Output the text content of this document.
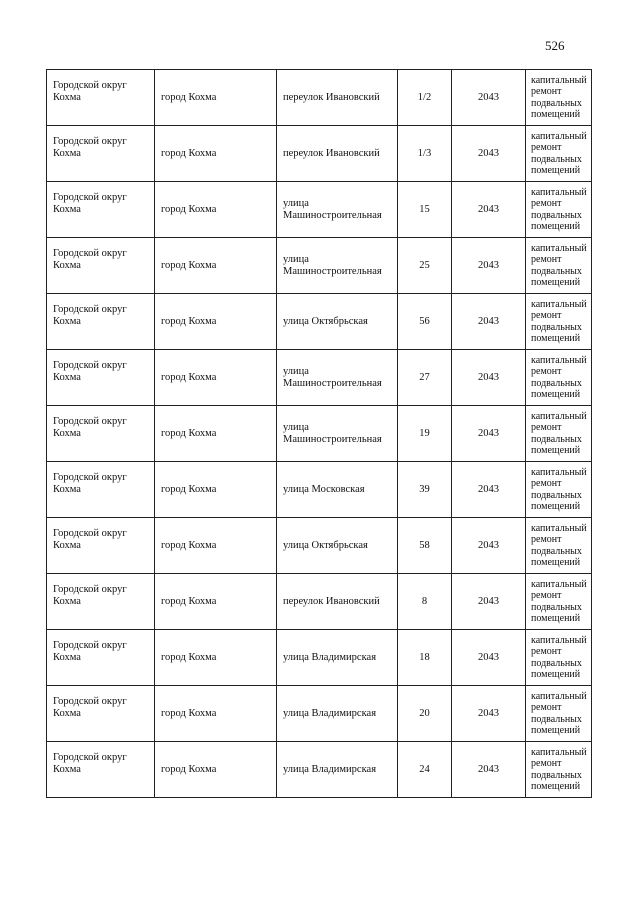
526
Городской округ Кохма	город Кохма	переулок Ивановский	1/2	2043	капитальный ремонт подвальных помещений

Городской округ Кохма	город Кохма	переулок Ивановский	1/3	2043	капитальный ремонт подвальных помещений

Городской округ Кохма	город Кохма	улица Машиностроительная	15	2043	капитальный ремонт подвальных помещений

Городской округ Кохма	город Кохма	улица Машиностроительная	25	2043	капитальный ремонт подвальных помещений

Городской округ Кохма	город Кохма	улица Октябрьская	56	2043	капитальный ремонт подвальных помещений

Городской округ Кохма	город Кохма	улица Машиностроительная	27	2043	капитальный ремонт подвальных помещений

Городской округ Кохма	город Кохма	улица Машиностроительная	19	2043	капитальный ремонт подвальных помещений

Городской округ Кохма	город Кохма	улица Московская	39	2043	капитальный ремонт подвальных помещений

Городской округ Кохма	город Кохма	улица Октябрьская	58	2043	капитальный ремонт подвальных помещений

Городской округ Кохма	город Кохма	переулок Ивановский	8	2043	капитальный ремонт подвальных помещений

Городской округ Кохма	город Кохма	улица Владимирская	18	2043	капитальный ремонт подвальных помещений

Городской округ Кохма	город Кохма	улица Владимирская	20	2043	капитальный ремонт подвальных помещений

Городской округ Кохма	город Кохма	улица Владимирская	24	2043	капитальный ремонт подвальных помещений
